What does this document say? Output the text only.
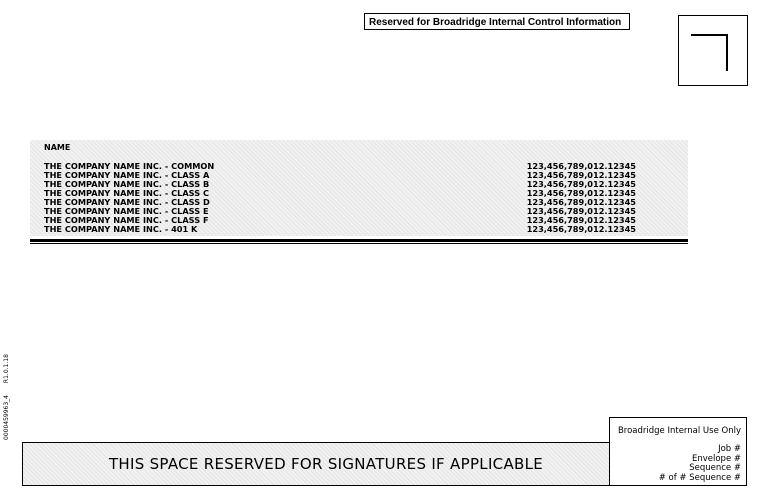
Reserved for Broadridge Internal Control Information
NAME
THE COMPANY NAME INC. - COMMON	123,456,789,012.12345
THE COMPANY NAME INC. - CLASS A	123,456,789,012.12345
THE COMPANY NAME INC. - CLASS B	123,456,789,012.12345
THE COMPANY NAME INC. - CLASS C	123,456,789,012.12345
THE COMPANY NAME INC. - CLASS D	123,456,789,012.12345
THE COMPANY NAME INC. - CLASS E	123,456,789,012.12345
THE COMPANY NAME INC. - CLASS F	123,456,789,012.12345
THE COMPANY NAME INC. - 401 K	123,456,789,012.12345
0000459963_4 R1.0.1.18
THIS SPACE RESERVED FOR SIGNATURES IF APPLICABLE
Broadridge Internal Use Only
Job #
Envelope #
Sequence #
# of # Sequence #
